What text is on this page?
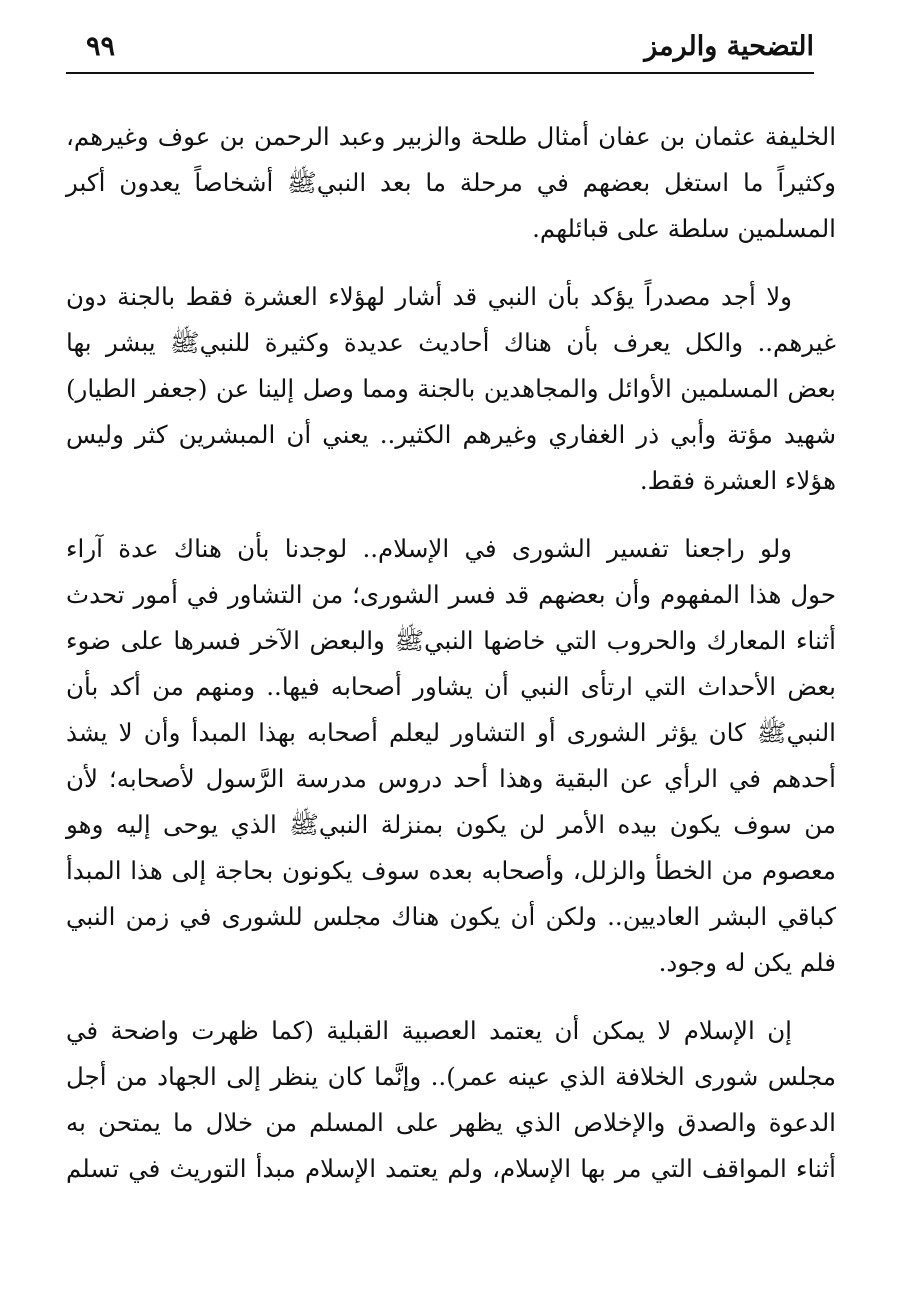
التضحية والرمز
٩٩

الخليفة عثمان بن عفان أمثال طلحة والزبير وعبد الرحمن بن عوف وغيرهم،
وكثيراً ما استغل بعضهم في مرحلة ما بعد النبيﷺ أشخاصاً يعدون أكبر
المسلمين سلطة على قبائلهم.

ولا أجد مصدراً يؤكد بأن النبي قد أشار لهؤلاء العشرة فقط بالجنة دون
غيرهم.. والكل يعرف بأن هناك أحاديث عديدة وكثيرة للنبيﷺ يبشر بها
بعض المسلمين الأوائل والمجاهدين بالجنة ومما وصل إلينا عن (جعفر الطيار)
شهيد مؤتة وأبي ذر الغفاري وغيرهم الكثير.. يعني أن المبشرين كثر وليس
هؤلاء العشرة فقط.

ولو راجعنا تفسير الشورى في الإسلام.. لوجدنا بأن هناك عدة آراء
حول هذا المفهوم وأن بعضهم قد فسر الشورى؛ من التشاور في أمور تحدث
أثناء المعارك والحروب التي خاضها النبيﷺ والبعض الآخر فسرها على ضوء
بعض الأحداث التي ارتأى النبي أن يشاور أصحابه فيها.. ومنهم من أكد بأن
النبيﷺ كان يؤثر الشورى أو التشاور ليعلم أصحابه بهذا المبدأ وأن لا يشذ
أحدهم في الرأي عن البقية وهذا أحد دروس مدرسة الرَّسول لأصحابه؛ لأن
من سوف يكون بيده الأمر لن يكون بمنزلة النبيﷺ الذي يوحى إليه وهو
معصوم من الخطأ والزلل، وأصحابه بعده سوف يكونون بحاجة إلى هذا المبدأ
كباقي البشر العاديين.. ولكن أن يكون هناك مجلس للشورى في زمن النبي
فلم يكن له وجود.

إن الإسلام لا يمكن أن يعتمد العصبية القبلية (كما ظهرت واضحة في
مجلس شورى الخلافة الذي عينه عمر).. وإنَّما كان ينظر إلى الجهاد من أجل
الدعوة والصدق والإخلاص الذي يظهر على المسلم من خلال ما يمتحن به
أثناء المواقف التي مر بها الإسلام، ولم يعتمد الإسلام مبدأ التوريث في تسلم
